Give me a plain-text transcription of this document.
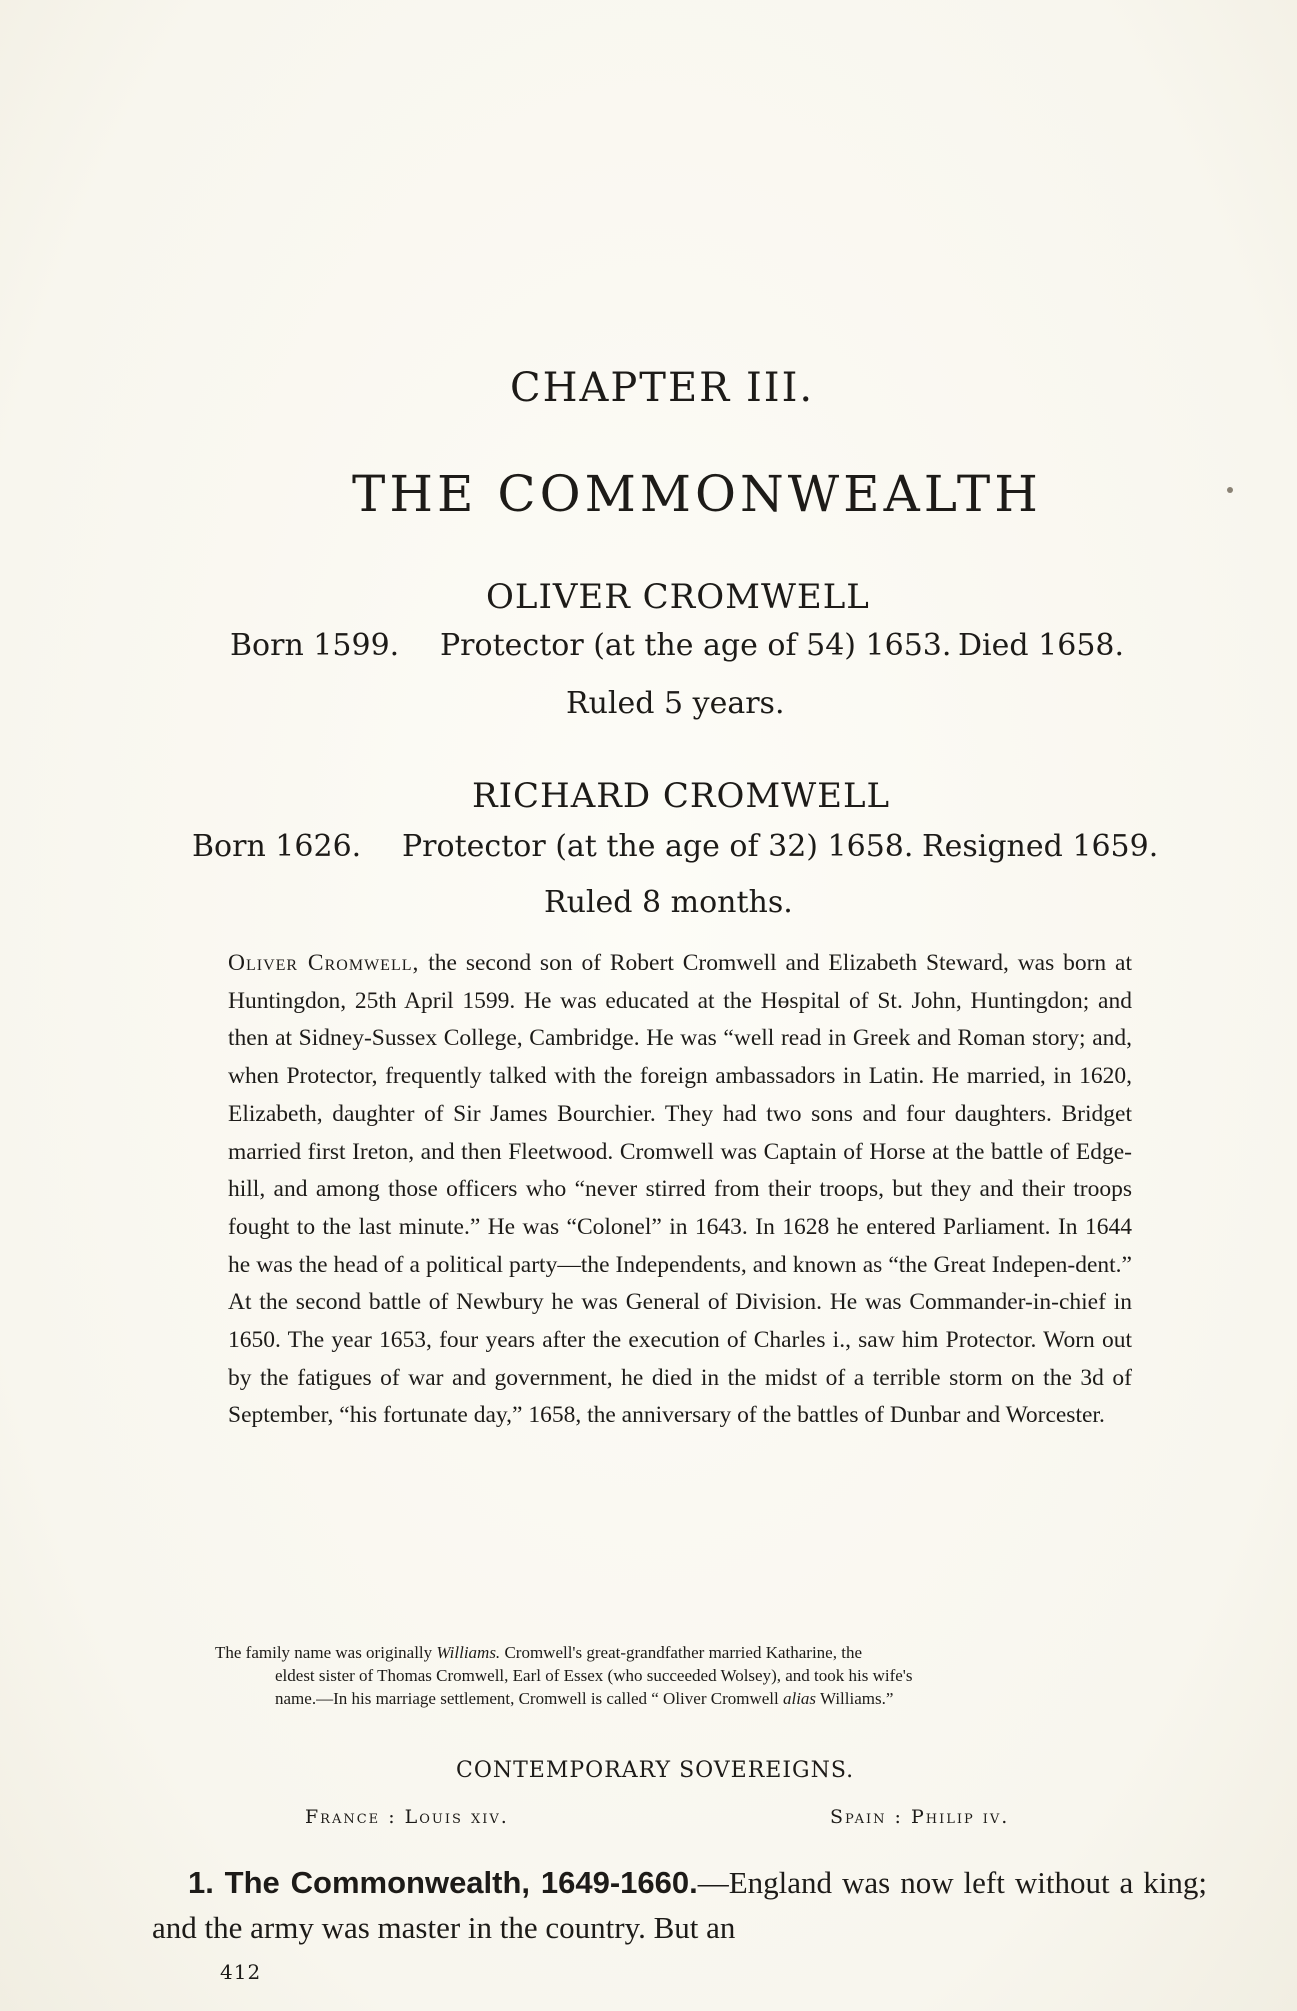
CHAPTER III.
THE COMMONWEALTH
OLIVER CROMWELL
Born 1599. Protector (at the age of 54) 1653. Died 1658.
Ruled 5 years.
RICHARD CROMWELL
Born 1626. Protector (at the age of 32) 1658. Resigned 1659.
Ruled 8 months.

Oliver Cromwell, the second son of Robert Cromwell and Elizabeth Steward, was born at Huntingdon, 25th April 1599. He was educated at the Hɵspital of St. John, Huntingdon; and then at Sidney-Sussex College, Cambridge. He was “well read in Greek and Roman story; and, when Protector, frequently talked with the foreign ambassadors in Latin. He married, in 1620, Elizabeth, daughter of Sir James Bourchier. They had two sons and four daughters. Bridget married first Ireton, and then Fleetwood. Cromwell was Captain of Horse at the battle of Edge-hill, and among those officers who “never stirred from their troops, but they and their troops fought to the last minute.” He was “Colonel” in 1643. In 1628 he entered Parliament. In 1644 he was the head of a political party—the Independents, and known as “the Great Indepen-dent.” At the second battle of Newbury he was General of Division. He was Commander-in-chief in 1650. The year 1653, four years after the execution of Charles i., saw him Protector. Worn out by the fatigues of war and government, he died in the midst of a terrible storm on the 3d of September, “his fortunate day,” 1658, the anniversary of the battles of Dunbar and Worcester.

The family name was originally Williams. Cromwell's great-grandfather married Katharine, the

eldest sister of Thomas Cromwell, Earl of Essex (who succeeded Wolsey), and took his wife's

name.—In his marriage settlement, Cromwell is called “ Oliver Cromwell alias Williams.”

CONTEMPORARY SOVEREIGNS.
France : Louis xiv.	Spain : Philip iv.

1. The Commonwealth, 1649-1660.—England was now left without a king; and the army was master in the country. But an

412
